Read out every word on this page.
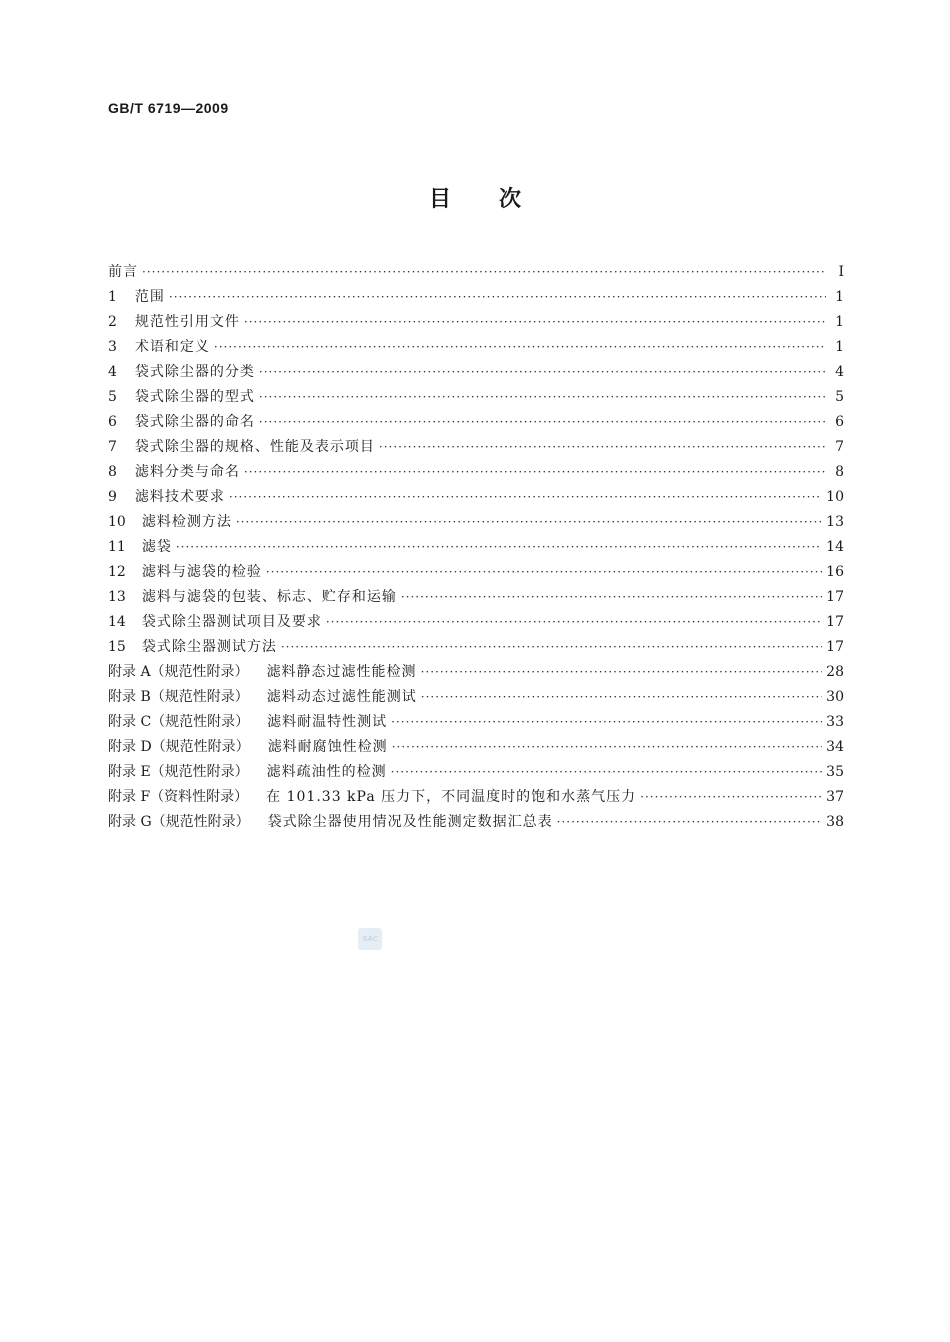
GB/T 6719—2009
目 次
前言 ·····	Ⅰ
1 范围 ·····	1
2 规范性引用文件 ·····	1
3 术语和定义 ·····	1
4 袋式除尘器的分类 ·····	4
5 袋式除尘器的型式 ·····	5
6 袋式除尘器的命名 ·····	6
7 袋式除尘器的规格、性能及表示项目 ·····	7
8 滤料分类与命名 ·····	8
9 滤料技术要求 ·····	10
10 滤料检测方法 ·····	13
11 滤袋 ·····	14
12 滤料与滤袋的检验 ·····	16
13 滤料与滤袋的包装、标志、贮存和运输 ·····	17
14 袋式除尘器测试项目及要求 ·····	17
15 袋式除尘器测试方法 ·····	17
附录 A（规范性附录） 滤料静态过滤性能检测 ·····	28
附录 B（规范性附录） 滤料动态过滤性能测试 ·····	30
附录 C（规范性附录） 滤料耐温特性测试 ·····	33
附录 D（规范性附录） 滤料耐腐蚀性检测 ·····	34
附录 E（规范性附录） 滤料疏油性的检测 ·····	35
附录 F（资料性附录） 在 101.33 kPa 压力下，不同温度时的饱和水蒸气压力 ·····	37
附录 G（规范性附录） 袋式除尘器使用情况及性能测定数据汇总表 ·····	38
SAC
